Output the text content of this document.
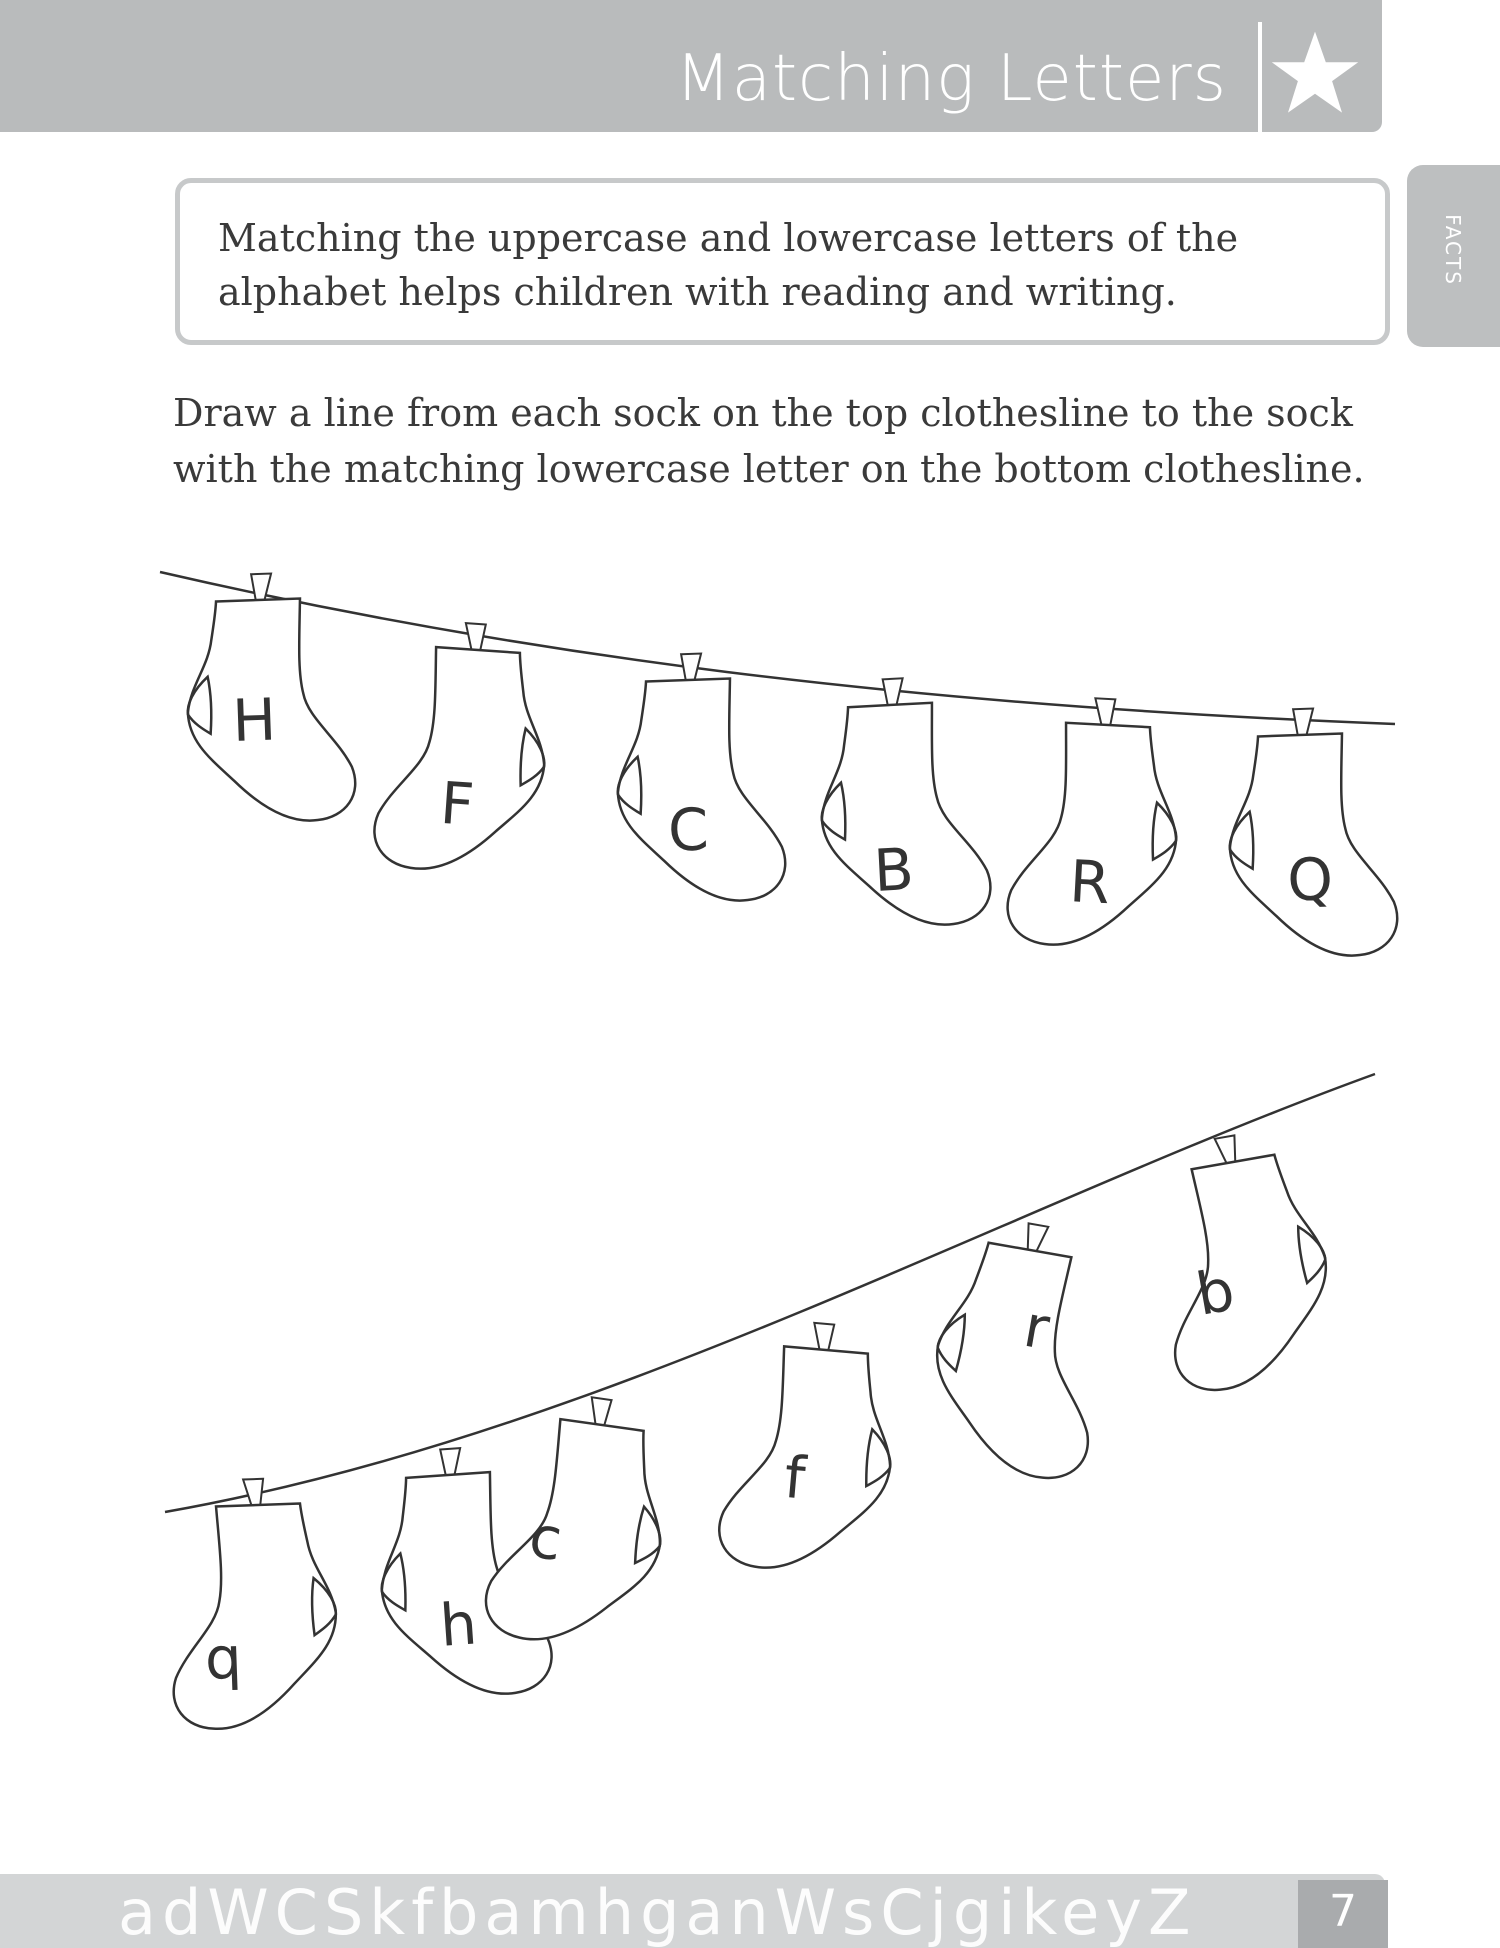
Matching Letters
Matching the uppercase and lowercase letters of the alphabet helps children with reading and writing.
FACTS
Draw a line from each sock on the top clothesline to the sock with the matching lowercase letter on the bottom clothesline.
H
F	C
B	R	Q
q	h
c
f
r b
adWCSkfbamhganWsCjgikeyZ	7
